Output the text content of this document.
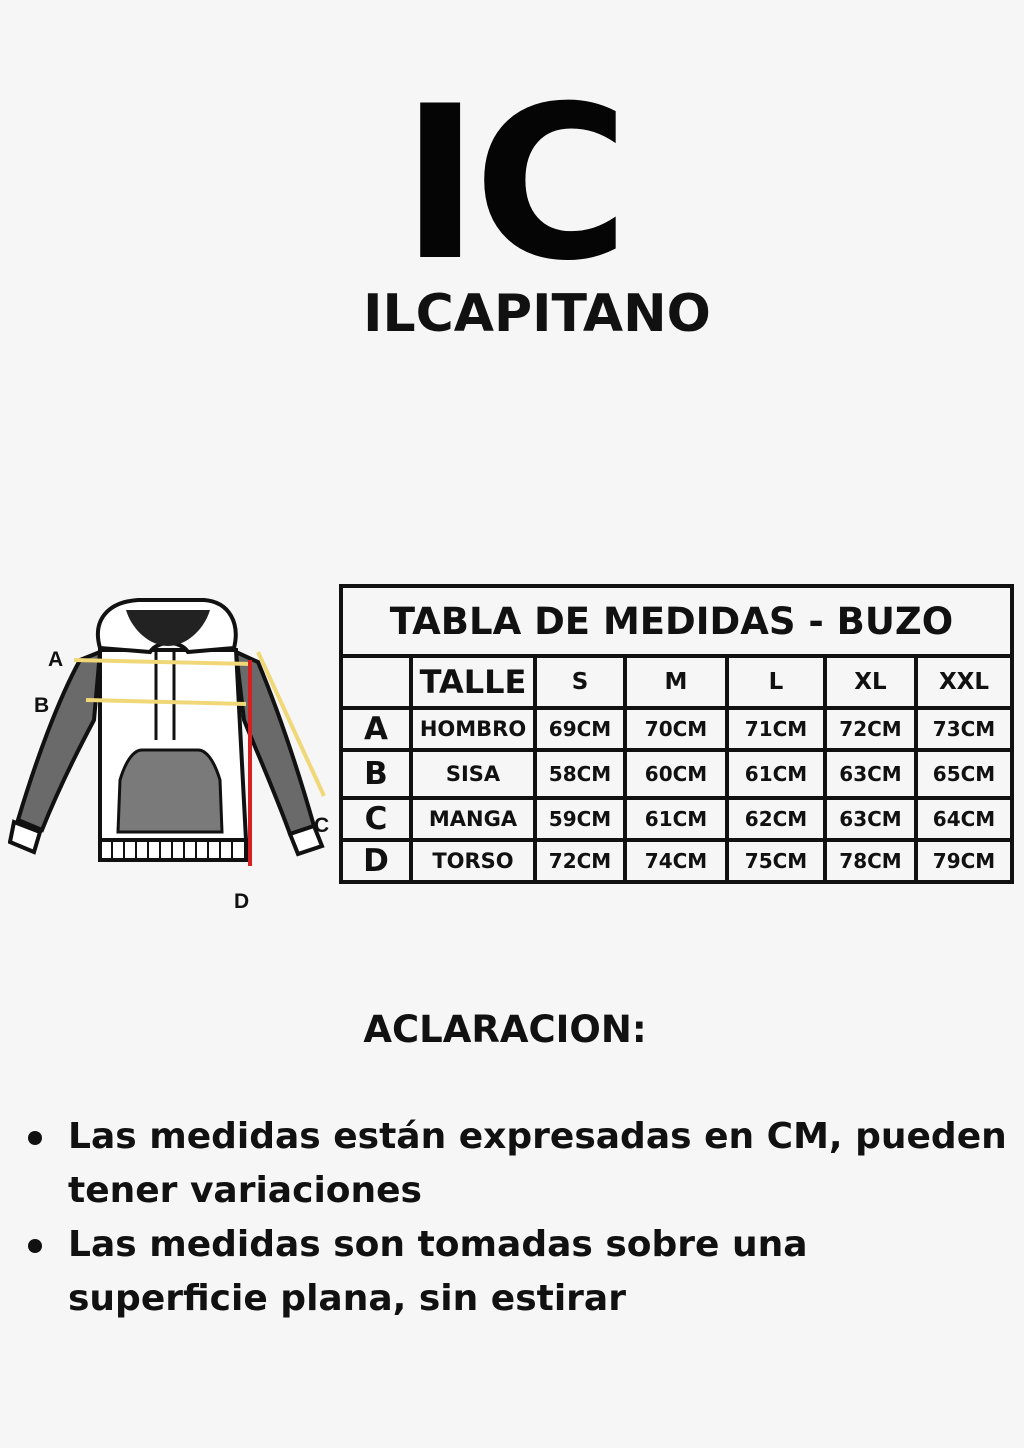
IC
ILCAPITANO
A
B
C
D
TABLA DE MEDIDAS - BUZO						
	TALLE	S	M	L	XL	XXL
A	HOMBRO	69CM	70CM	71CM	72CM	73CM
B	SISA	58CM	60CM	61CM	63CM	65CM
C	MANGA	59CM	61CM	62CM	63CM	64CM
D	TORSO	72CM	74CM	75CM	78CM	79CM
ACLARACION:
Las medidas están expresadas en CM, pueden tener variaciones
Las medidas son tomadas sobre una superficie plana, sin estirar
